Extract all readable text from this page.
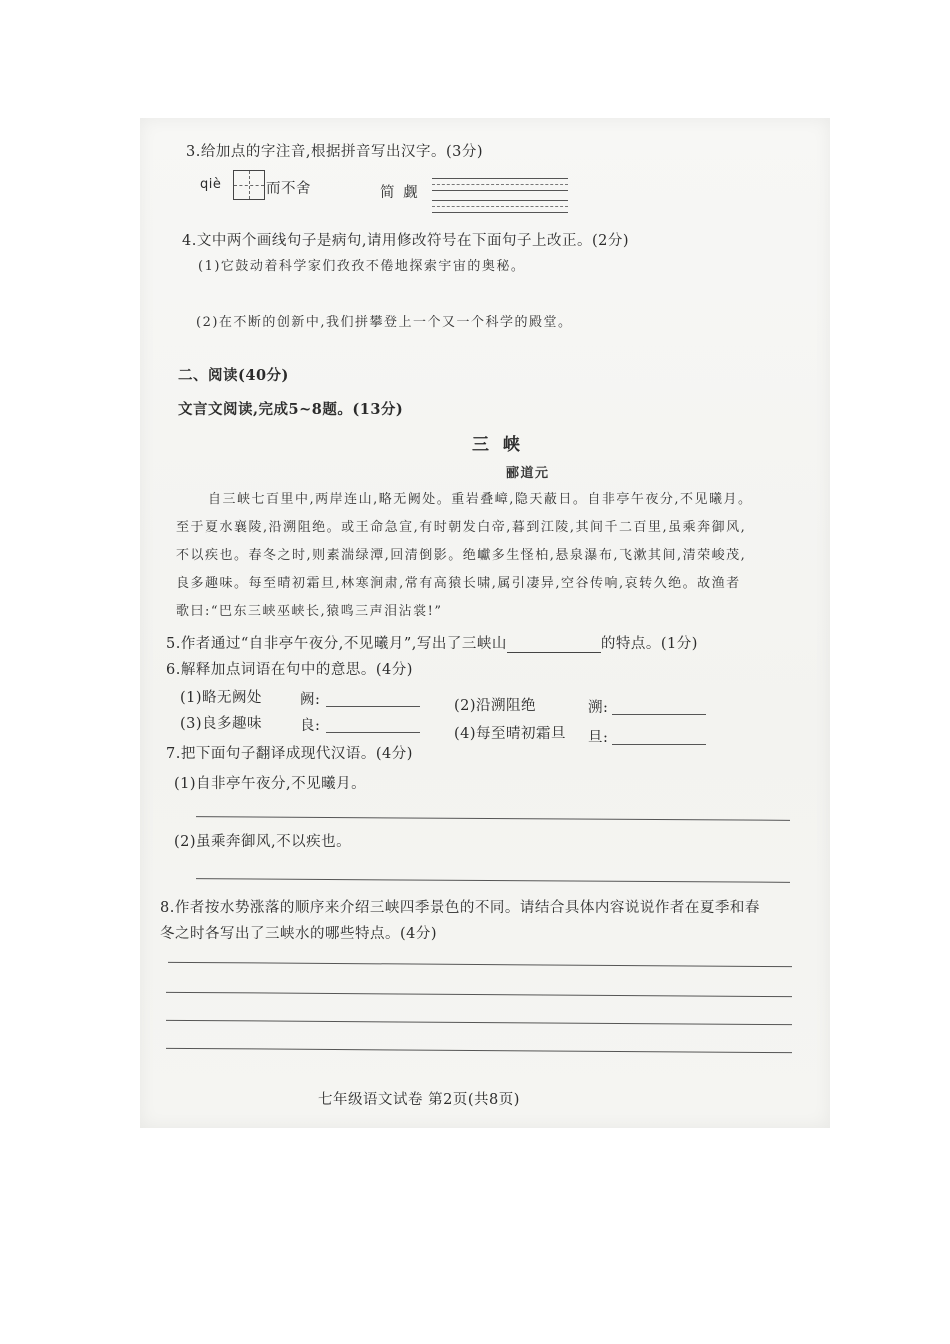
3.给加点的字注音,根据拼音写出汉字。(3分)
qiè	而不舍	简 觑
4.文中两个画线句子是病句,请用修改符号在下面句子上改正。(2分)
(1)它鼓动着科学家们孜孜不倦地探索宇宙的奥秘。
(2)在不断的创新中,我们拼攀登上一个又一个科学的殿堂。
二、阅读(40分)
文言文阅读,完成5~8题。(13分)
三 峡
郦道元
自三峡七百里中,两岸连山,略无阙处。重岩叠嶂,隐天蔽日。自非亭午夜分,不见曦月。
至于夏水襄陵,沿溯阻绝。或王命急宣,有时朝发白帝,暮到江陵,其间千二百里,虽乘奔御风,
不以疾也。春冬之时,则素湍绿潭,回清倒影。绝巘多生怪柏,悬泉瀑布,飞漱其间,清荣峻茂,
良多趣味。每至晴初霜旦,林寒涧肃,常有高猿长啸,属引凄异,空谷传响,哀转久绝。故渔者
歌曰:“巴东三峡巫峡长,猿鸣三声泪沾裳!”
5.作者通过“自非亭午夜分,不见曦月”,写出了三峡山	的特点。(1分)
6.解释加点词语在句中的意思。(4分)
(1)略无阙处	阙:	(2)沿溯阻绝	溯:
(3)良多趣味	良:	(4)每至晴初霜旦 旦:
7.把下面句子翻译成现代汉语。(4分)
(1)自非亭午夜分,不见曦月。
(2)虽乘奔御风,不以疾也。
8.作者按水势涨落的顺序来介绍三峡四季景色的不同。请结合具体内容说说作者在夏季和春
冬之时各写出了三峡水的哪些特点。(4分)
七年级语文试卷 第2页(共8页)
